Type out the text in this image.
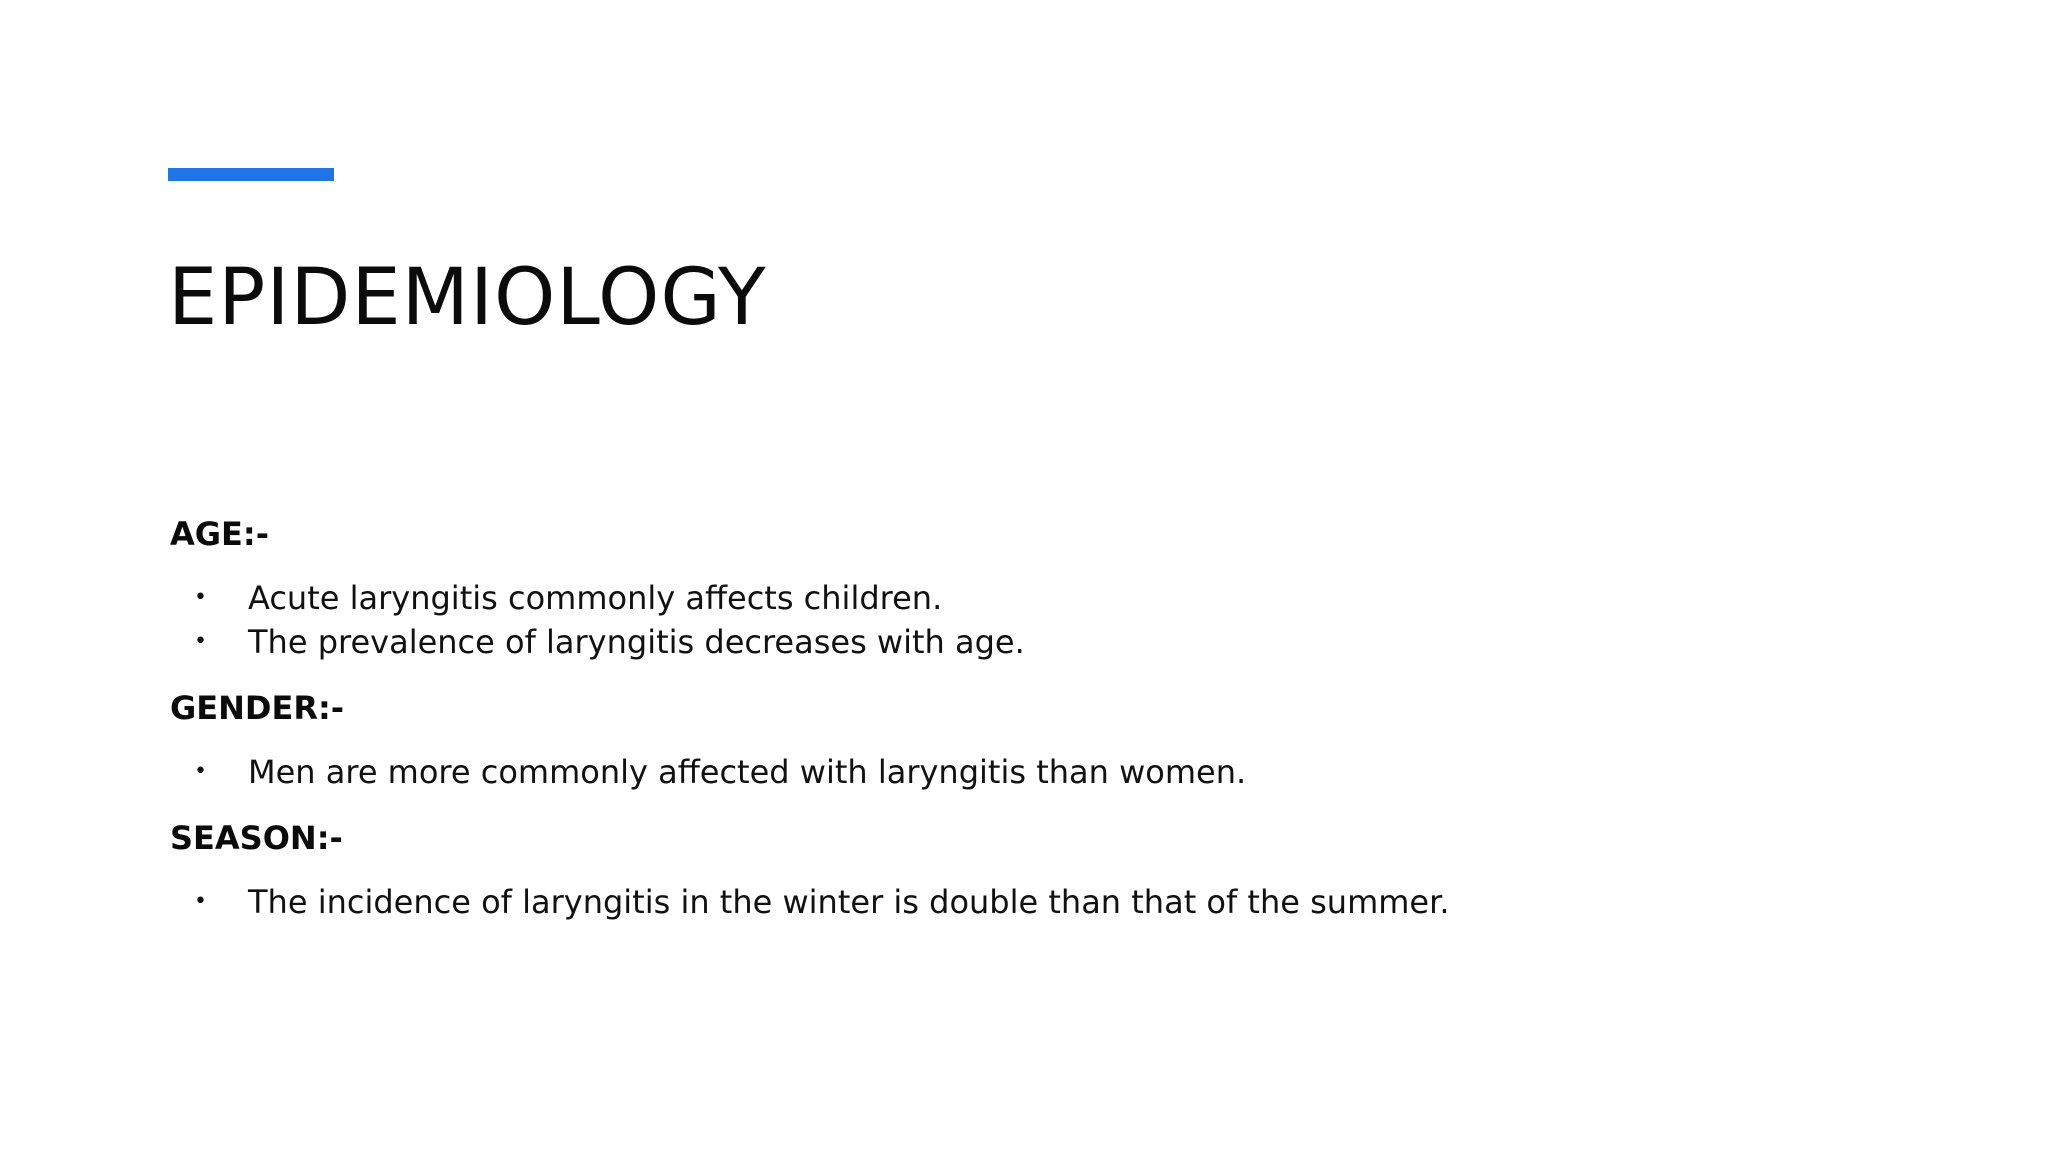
EPIDEMIOLOGY

AGE:-

• Acute laryngitis commonly affects children.
• The prevalence of laryngitis decreases with age.

GENDER:-

• Men are more commonly affected with laryngitis than women.

SEASON:-

• The incidence of laryngitis in the winter is double than that of the summer.
